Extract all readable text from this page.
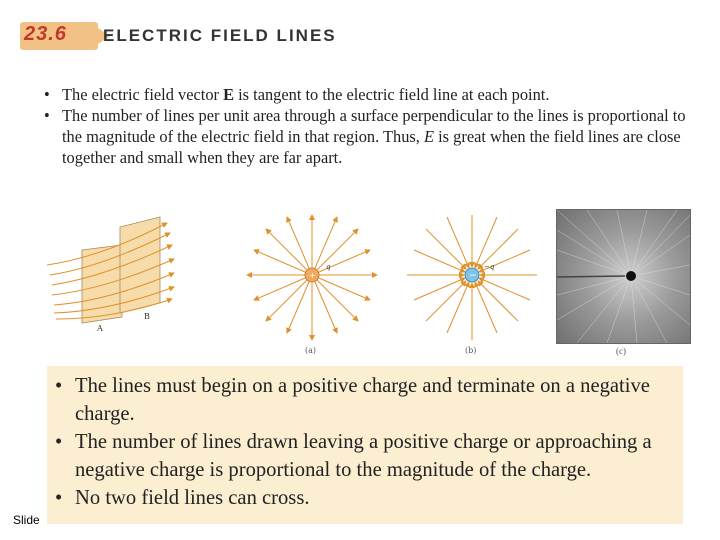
23.6 ELECTRIC FIELD LINES
• The electric field vector E is tangent to the electric field line at each point.
• The number of lines per unit area through a surface perpendicular to the lines is proportional to the magnitude of the electric field in that region. Thus, E is great when the field lines are close together and small when they are far apart.
A
B
+
q
(a)
−
−q
(b)	(c)
• The lines must begin on a positive charge and terminate on a negative charge.
• The number of lines drawn leaving a positive charge or approaching a negative charge is proportional to the magnitude of the charge.
• No two field lines can cross.
Slide
